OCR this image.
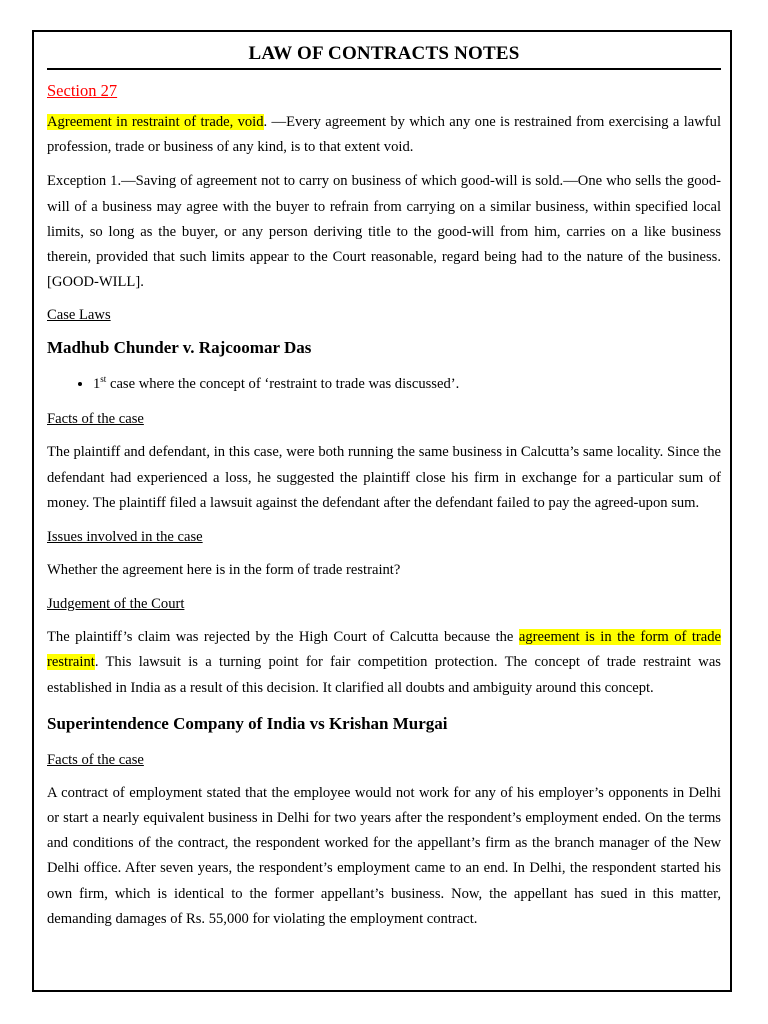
LAW OF CONTRACTS NOTES

Section 27

Agreement in restraint of trade, void. —Every agreement by which any one is restrained from exercising a lawful profession, trade or business of any kind, is to that extent void.

Exception 1.—Saving of agreement not to carry on business of which good-will is sold.—One who sells the good-will of a business may agree with the buyer to refrain from carrying on a similar business, within specified local limits, so long as the buyer, or any person deriving title to the good-will from him, carries on a like business therein, provided that such limits appear to the Court reasonable, regard being had to the nature of the business. [GOOD-WILL].

Case Laws

Madhub Chunder v. Rajcoomar Das

• 1st case where the concept of ‘restraint to trade was discussed’.

Facts of the case

The plaintiff and defendant, in this case, were both running the same business in Calcutta’s same locality. Since the defendant had experienced a loss, he suggested the plaintiff close his firm in exchange for a particular sum of money. The plaintiff filed a lawsuit against the defendant after the defendant failed to pay the agreed-upon sum.

Issues involved in the case

Whether the agreement here is in the form of trade restraint?

Judgement of the Court

The plaintiff’s claim was rejected by the High Court of Calcutta because the agreement is in the form of trade restraint. This lawsuit is a turning point for fair competition protection. The concept of trade restraint was established in India as a result of this decision. It clarified all doubts and ambiguity around this concept.

Superintendence Company of India vs Krishan Murgai

Facts of the case

A contract of employment stated that the employee would not work for any of his employer’s opponents in Delhi or start a nearly equivalent business in Delhi for two years after the respondent’s employment ended. On the terms and conditions of the contract, the respondent worked for the appellant’s firm as the branch manager of the New Delhi office. After seven years, the respondent’s employment came to an end. In Delhi, the respondent started his own firm, which is identical to the former appellant’s business. Now, the appellant has sued in this matter, demanding damages of Rs. 55,000 for violating the employment contract.
